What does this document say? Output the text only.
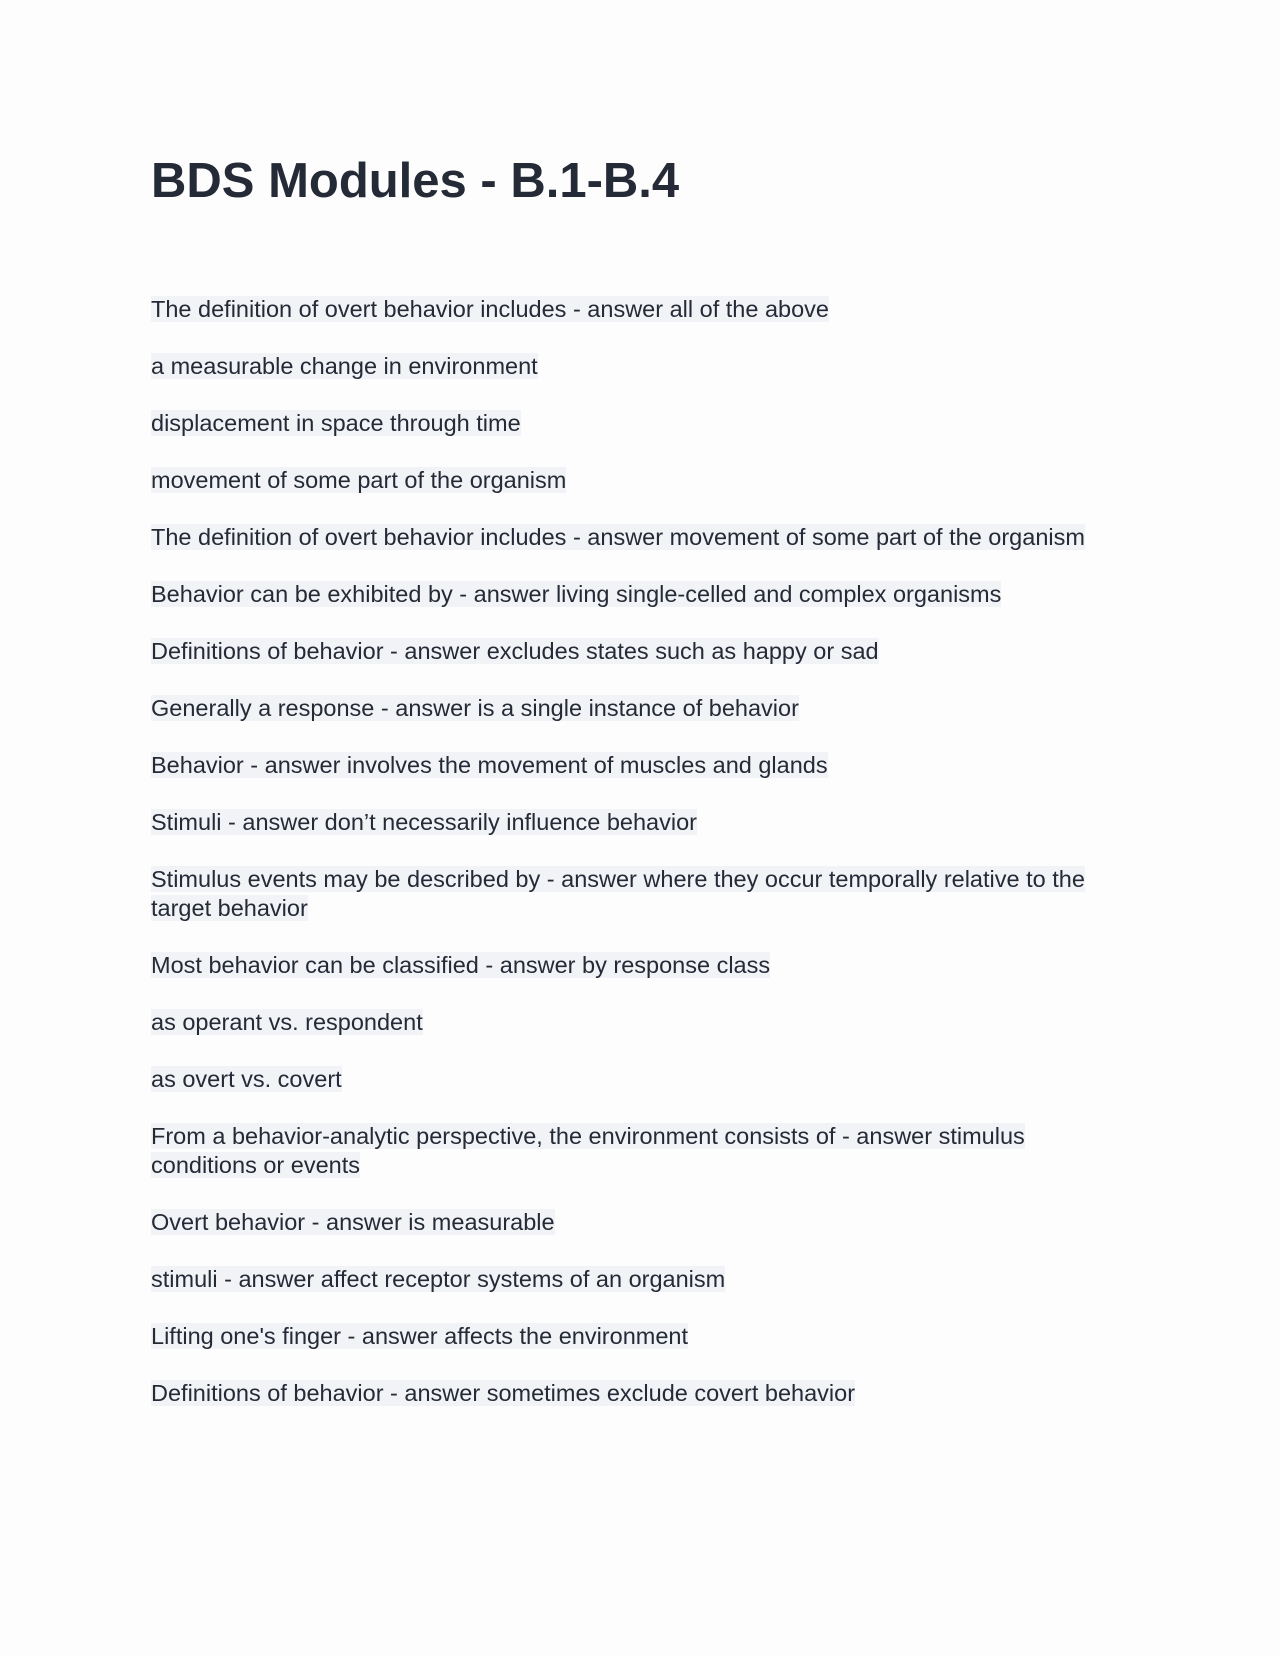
BDS Modules - B.1-B.4
The definition of overt behavior includes - answer all of the above
a measurable change in environment
displacement in space through time
movement of some part of the organism
The definition of overt behavior includes - answer movement of some part of the organism
Behavior can be exhibited by - answer living single-celled and complex organisms
Definitions of behavior - answer excludes states such as happy or sad
Generally a response - answer is a single instance of behavior
Behavior - answer involves the movement of muscles and glands
Stimuli - answer don’t necessarily influence behavior
Stimulus events may be described by - answer where they occur temporally relative to the target behavior
Most behavior can be classified - answer by response class
as operant vs. respondent
as overt vs. covert
From a behavior-analytic perspective, the environment consists of - answer stimulus conditions or events
Overt behavior - answer is measurable
stimuli - answer affect receptor systems of an organism
Lifting one's finger - answer affects the environment
Definitions of behavior - answer sometimes exclude covert behavior
